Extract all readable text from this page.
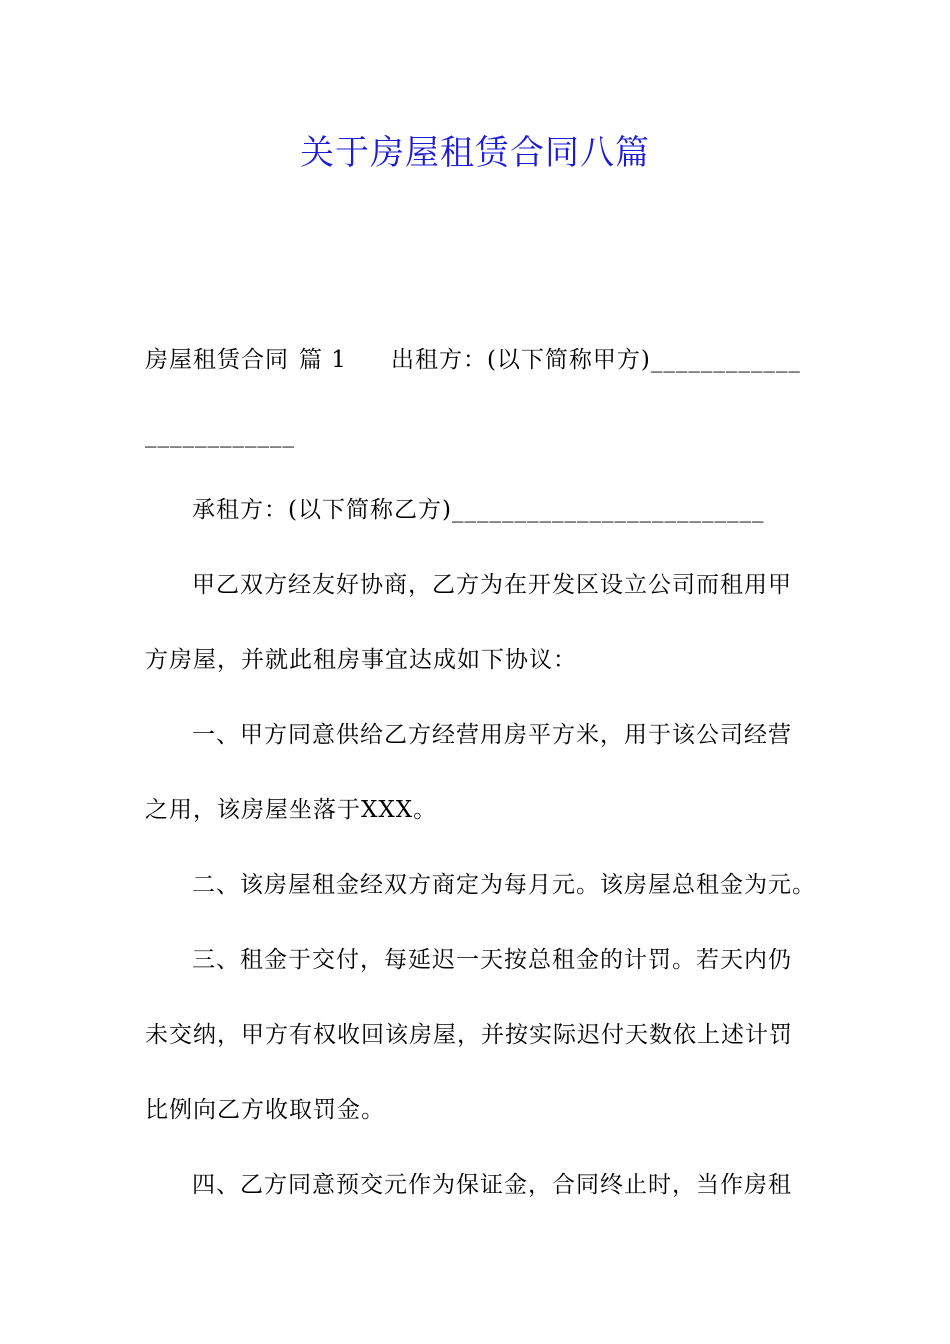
关于房屋租赁合同八篇
房屋租赁合同 篇 1 出租方：(以下简称甲方)____________
____________
承租方：(以下简称乙方)_________________________
甲乙双方经友好协商，乙方为在开发区设立公司而租用甲
方房屋，并就此租房事宜达成如下协议：
一、甲方同意供给乙方经营用房平方米，用于该公司经营
之用，该房屋坐落于XXX。
二、该房屋租金经双方商定为每月元。该房屋总租金为元。
三、租金于交付，每延迟一天按总租金的计罚。若天内仍
未交纳，甲方有权收回该房屋，并按实际迟付天数依上述计罚
比例向乙方收取罚金。
四、乙方同意预交元作为保证金，合同终止时，当作房租
